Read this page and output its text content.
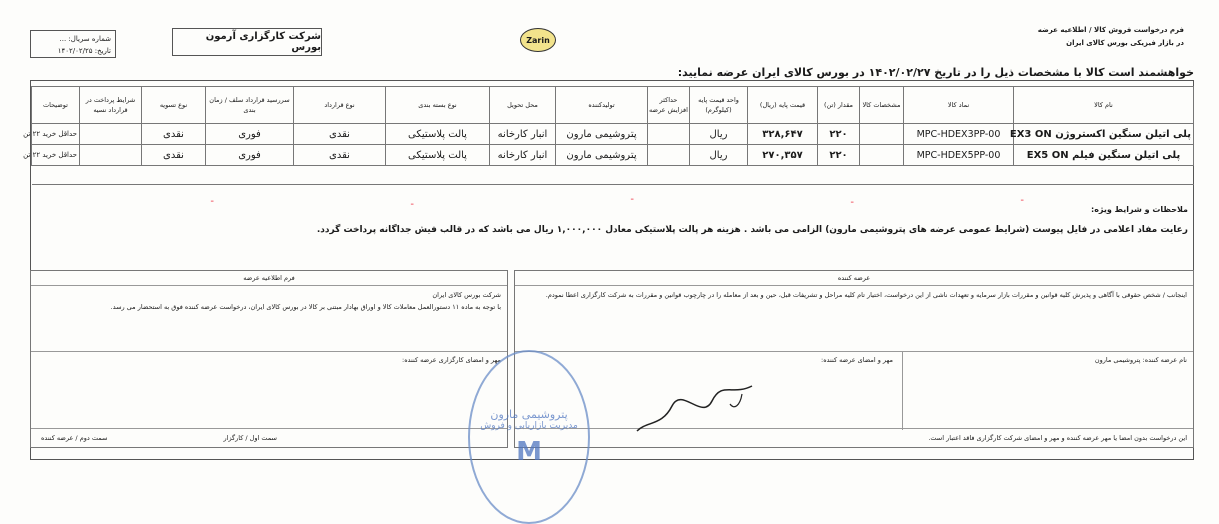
فرم درخواست فروش کالا / اطلاعیه عرضه
در بازار فیزیکی بورس کالای ایران
Zarin
شرکت کارگزاری آرمون بورس
شماره سریال: ...
تاریخ: ۱۴۰۲/۰۲/۲۵
خواهشمند است کالا با مشخصات ذیل را در تاریخ ۱۴۰۲/۰۲/۲۷ در بورس کالای ایران عرضه نمایید:
نام کالا	نماد کالا	مشخصات کالا	مقدار (تن)	قیمت پایه (ریال)	واحد قیمت پایه (کیلوگرم)	حداکثر افزایش عرضه	تولیدکننده	محل تحویل	نوع بسته بندی	نوع قرارداد	سررسید قرارداد سلف / زمان بندی	نوع تسویه	شرایط پرداخت در قرارداد نسیه	توضیحات
پلی اتیلن سنگین اکستروژن EX3 ON	MPC-HDEX3PP-00		۲۲۰	۳۲۸,۶۴۷	ریال		پتروشیمی مارون	انبار کارخانه	پالت پلاستیکی	نقدی	فوری	نقدی		حداقل خرید ۲۲ تن
پلی اتیلن سنگین فیلم EX5 ON	MPC-HDEX5PP-00		۲۲۰	۲۷۰,۳۵۷	ریال		پتروشیمی مارون	انبار کارخانه	پالت پلاستیکی	نقدی	فوری	نقدی		حداقل خرید ۲۲ تن
ملاحظات و شرایط ویژه:
رعایت مفاد اعلامی در فایل پیوست (شرایط عمومی عرضه های پتروشیمی مارون) الزامی می باشد . هزینه هر پالت پلاستیکی معادل ۱,۰۰۰,۰۰۰ ریال می باشد که در قالب فیش جداگانه پرداخت گردد.
-
-
-
-
-
عرضه کننده
اینجانب / شخص حقوقی با آگاهی و پذیرش کلیه قوانین و مقررات بازار سرمایه و تعهدات ناشی از این درخواست، اختیار تام کلیه مراحل و تشریفات قبل، حین و بعد از معامله را در چارچوب قوانین و مقررات به شرکت کارگزاری اعطا نمودم.
نام عرضه کننده: پتروشیمی مارون
مهر و امضای عرضه کننده:
این درخواست بدون امضا یا مهر عرضه کننده و مهر و امضای شرکت کارگزاری فاقد اعتبار است.
فرم اطلاعیه عرضه
شرکت بورس کالای ایران
با توجه به ماده ۱۱ دستورالعمل معاملات کالا و اوراق بهادار مبتنی بر کالا در بورس کالای ایران، درخواست عرضه کننده فوق به استحضار می رسد.
مهر و امضای کارگزاری عرضه کننده:
سمت اول / کارگزار
سمت دوم / عرضه کننده
پتروشیمی مارون
مدیریت بازاریابی و فروش
M
